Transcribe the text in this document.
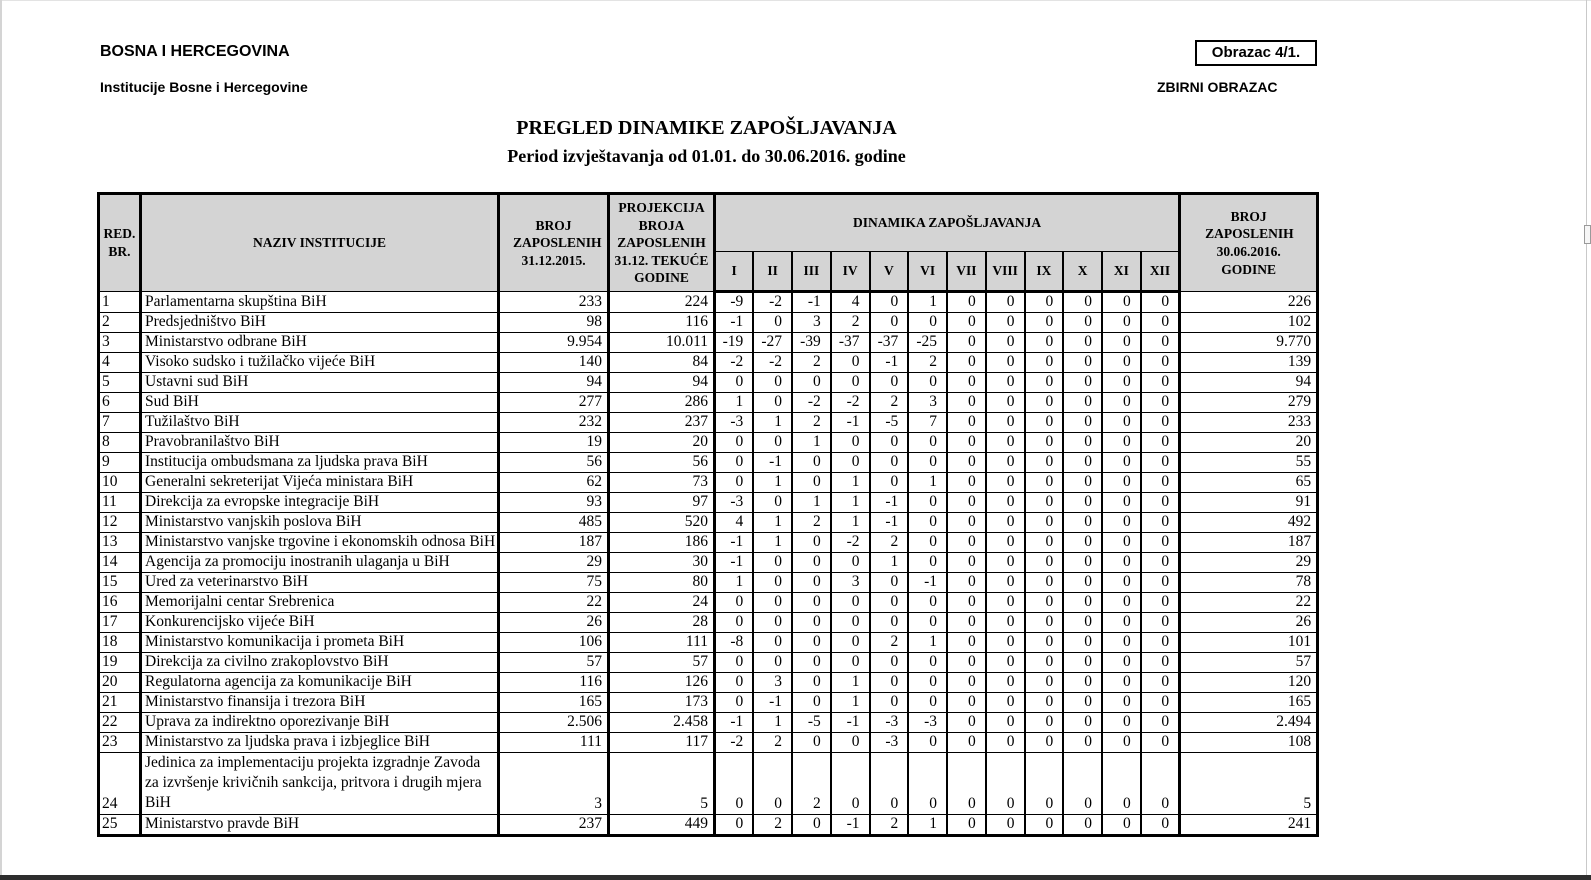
BOSNA I HERCEGOVINA
Institucije Bosne i Hercegovine
Obrazac 4/1.
ZBIRNI OBRAZAC
PREGLED DINAMIKE ZAPOŠLJAVANJA
Period izvještavanja od 01.01. do 30.06.2016. godine
RED. BR.	NAZIV INSTITUCIJE	BROJ ZAPOSLENIH 31.12.2015.	PROJEKCIJA BROJA ZAPOSLENIH 31.12. TEKUĆE GODINE	DINAMIKA ZAPOŠLJAVANJA												BROJ ZAPOSLENIH 30.06.2016. GODINE
				I	II	III	IV	V	VI	VII	VIII	IX	X	XI	XII	
1	Parlamentarna skupština BiH	233	224	-9	-2	-1	4	0	1	0	0	0	0	0	0	226
2	Predsjedništvo BiH	98	116	-1	0	3	2	0	0	0	0	0	0	0	0	102
3	Ministarstvo odbrane BiH	9.954	10.011	-19	-27	-39	-37	-37	-25	0	0	0	0	0	0	9.770
4	Visoko sudsko i tužilačko vijeće BiH	140	84	-2	-2	2	0	-1	2	0	0	0	0	0	0	139
5	Ustavni sud BiH	94	94	0	0	0	0	0	0	0	0	0	0	0	0	94
6	Sud BiH	277	286	1	0	-2	-2	2	3	0	0	0	0	0	0	279
7	Tužilaštvo BiH	232	237	-3	1	2	-1	-5	7	0	0	0	0	0	0	233
8	Pravobranilaštvo BiH	19	20	0	0	1	0	0	0	0	0	0	0	0	0	20
9	Institucija ombudsmana za ljudska prava BiH	56	56	0	-1	0	0	0	0	0	0	0	0	0	0	55
10	Generalni sekreterijat Vijeća ministara BiH	62	73	0	1	0	1	0	1	0	0	0	0	0	0	65
11	Direkcija za evropske integracije BiH	93	97	-3	0	1	1	-1	0	0	0	0	0	0	0	91
12	Ministarstvo vanjskih poslova BiH	485	520	4	1	2	1	-1	0	0	0	0	0	0	0	492
13	Ministarstvo vanjske trgovine i ekonomskih odnosa BiH	187	186	-1	1	0	-2	2	0	0	0	0	0	0	0	187
14	Agencija za promociju inostranih ulaganja u BiH	29	30	-1	0	0	0	1	0	0	0	0	0	0	0	29
15	Ured za veterinarstvo BiH	75	80	1	0	0	3	0	-1	0	0	0	0	0	0	78
16	Memorijalni centar Srebrenica	22	24	0	0	0	0	0	0	0	0	0	0	0	0	22
17	Konkurencijsko vijeće BiH	26	28	0	0	0	0	0	0	0	0	0	0	0	0	26
18	Ministarstvo komunikacija i prometa BiH	106	111	-8	0	0	0	2	1	0	0	0	0	0	0	101
19	Direkcija za civilno zrakoplovstvo BiH	57	57	0	0	0	0	0	0	0	0	0	0	0	0	57
20	Regulatorna agencija za komunikacije BiH	116	126	0	3	0	1	0	0	0	0	0	0	0	0	120
21	Ministarstvo finansija i trezora BiH	165	173	0	-1	0	1	0	0	0	0	0	0	0	0	165
22	Uprava za indirektno oporezivanje BiH	2.506	2.458	-1	1	-5	-1	-3	-3	0	0	0	0	0	0	2.494
23	Ministarstvo za ljudska prava i izbjeglice BiH	111	117	-2	2	0	0	-3	0	0	0	0	0	0	0	108
24	Jedinica za implementaciju projekta izgradnje Zavoda za izvršenje krivičnih sankcija, pritvora i drugih mjera BiH	3	5	0	0	2	0	0	0	0	0	0	0	0	0	5
25	Ministarstvo pravde BiH	237	449	0	2	0	-1	2	1	0	0	0	0	0	0	241
